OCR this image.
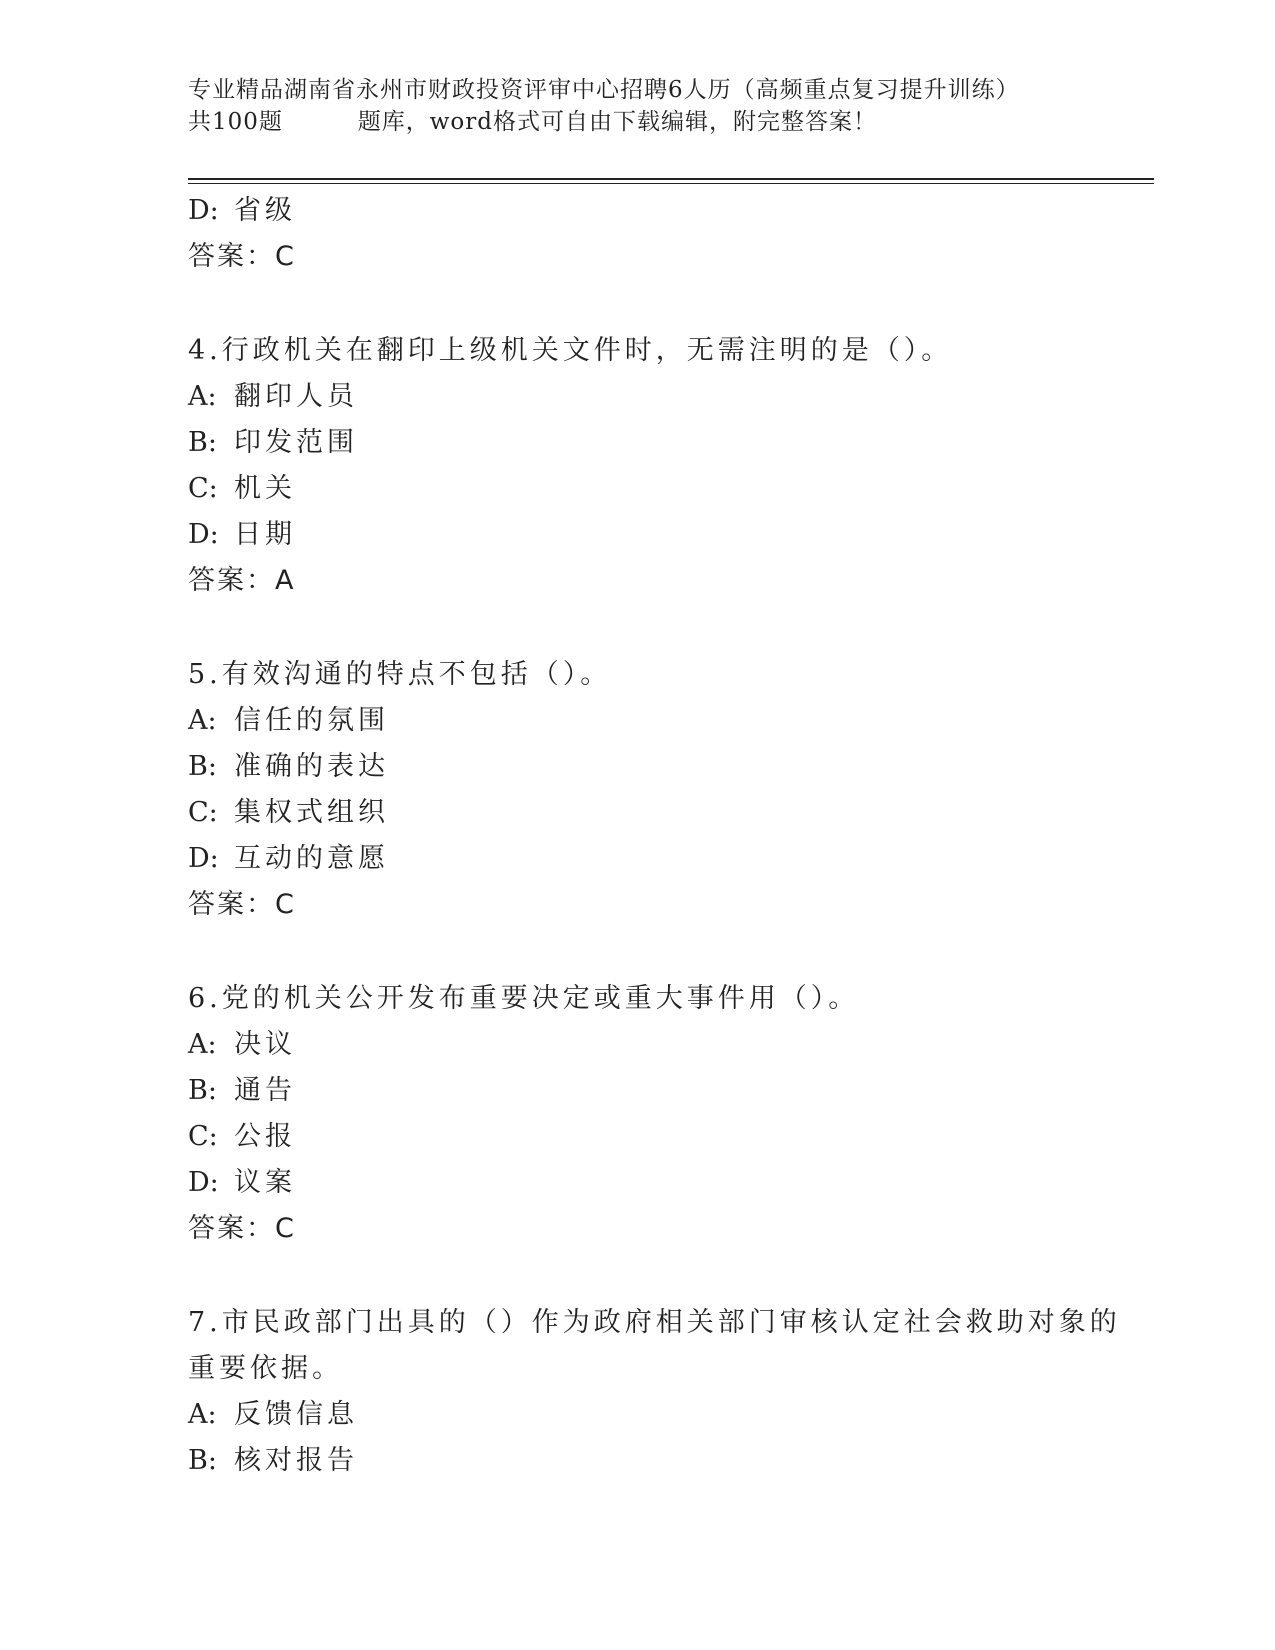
专业精品湖南省永州市财政投资评审中心招聘6人历（高频重点复习提升训练）
共100题         题库，word格式可自由下载编辑，附完整答案！
D: 省级
答案：C
4.行政机关在翻印上级机关文件时，无需注明的是（）。
A: 翻印人员
B: 印发范围
C: 机关
D: 日期
答案：A
5.有效沟通的特点不包括（）。
A: 信任的氛围
B: 准确的表达
C: 集权式组织
D: 互动的意愿
答案：C
6.党的机关公开发布重要决定或重大事件用（）。
A: 决议
B: 通告
C: 公报
D: 议案
答案：C
7.市民政部门出具的（）作为政府相关部门审核认定社会救助对象的
重要依据。
A: 反馈信息
B: 核对报告
